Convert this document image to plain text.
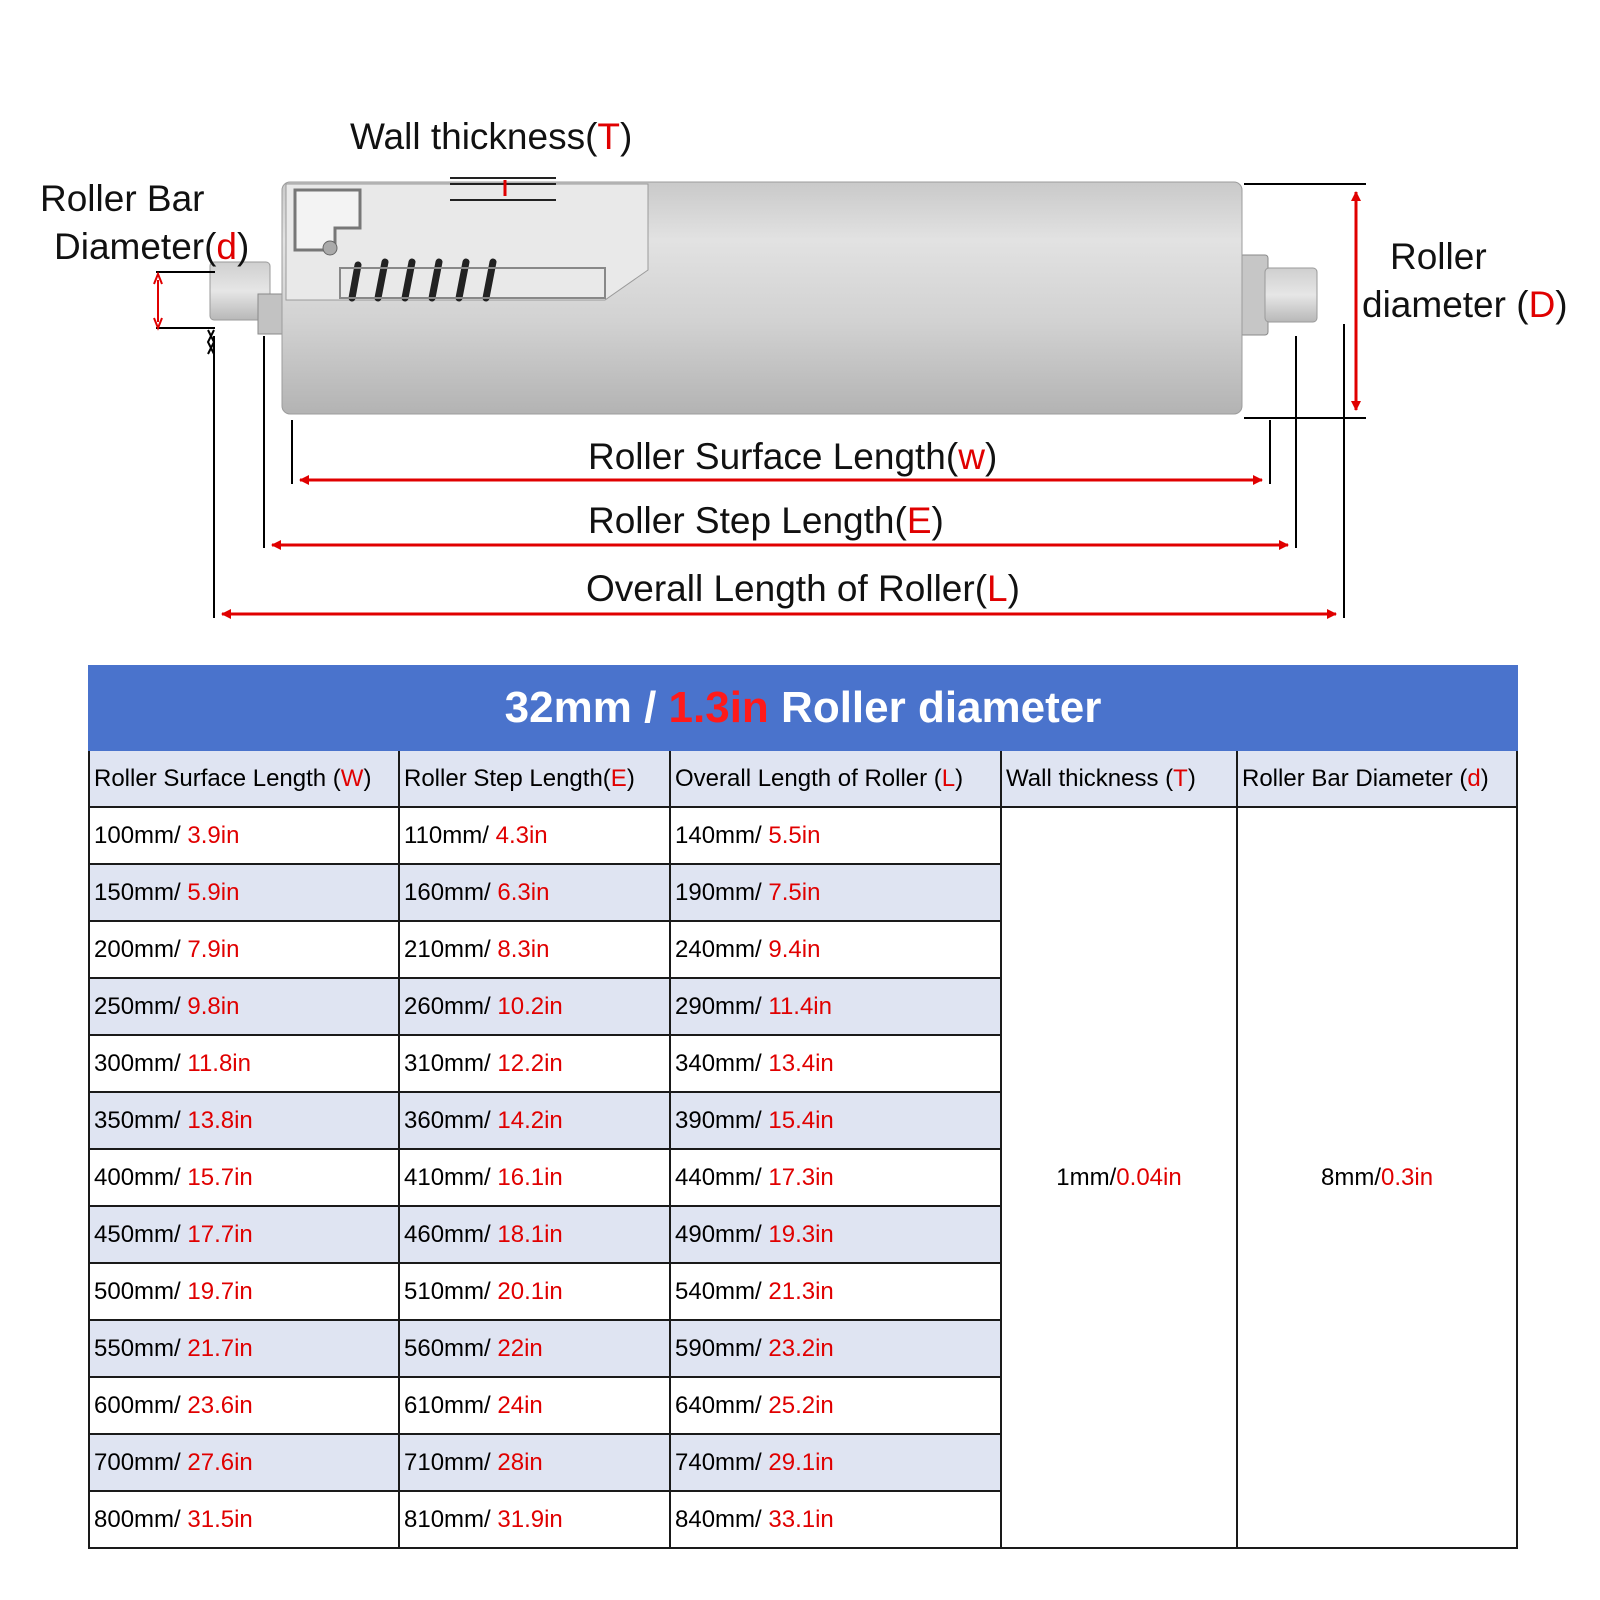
Wall thickness(T)
Roller Bar
Diameter(d)	Roller
diameter (D)
Roller Surface Length(w)
Roller Step Length(E)
Overall Length of Roller(L)
32mm / 1.3in Roller diameter				
Roller Surface Length (W)	Roller Step Length(E)	Overall Length of Roller (L)	Wall thickness (T)	Roller Bar Diameter (d)
100mm/ 3.9in	110mm/ 4.3in	140mm/ 5.5in	1mm/0.04in	8mm/0.3in
150mm/ 5.9in	160mm/ 6.3in	190mm/ 7.5in		
200mm/ 7.9in	210mm/ 8.3in	240mm/ 9.4in		
250mm/ 9.8in	260mm/ 10.2in	290mm/ 11.4in		
300mm/ 11.8in	310mm/ 12.2in	340mm/ 13.4in		
350mm/ 13.8in	360mm/ 14.2in	390mm/ 15.4in		
400mm/ 15.7in	410mm/ 16.1in	440mm/ 17.3in		
450mm/ 17.7in	460mm/ 18.1in	490mm/ 19.3in		
500mm/ 19.7in	510mm/ 20.1in	540mm/ 21.3in		
550mm/ 21.7in	560mm/ 22in	590mm/ 23.2in		
600mm/ 23.6in	610mm/ 24in	640mm/ 25.2in		
700mm/ 27.6in	710mm/ 28in	740mm/ 29.1in		
800mm/ 31.5in	810mm/ 31.9in	840mm/ 33.1in		
